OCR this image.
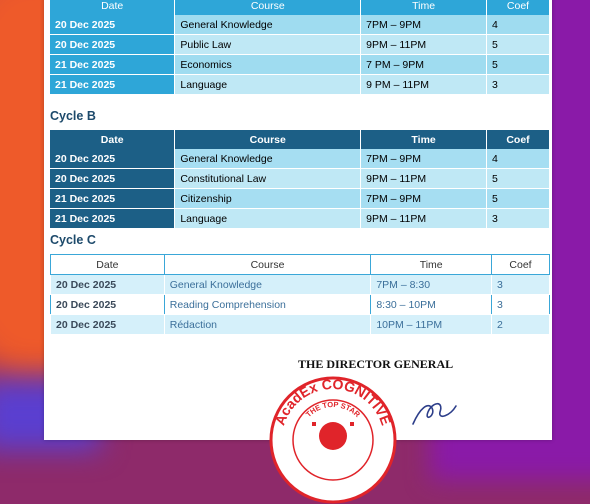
Date	Course	Time	Coef
20 Dec 2025	General Knowledge	7PM – 9PM	4
20 Dec 2025	Public Law	9PM – 11PM	5
21 Dec 2025	Economics	7 PM – 9PM	5
21 Dec 2025	Language	9 PM – 11PM	3
Cycle B
Date	Course	Time	Coef
20 Dec 2025	General Knowledge	7PM – 9PM	4
20 Dec 2025	Constitutional Law	9PM – 11PM	5
21 Dec 2025	Citizenship	7PM – 9PM	5
21 Dec 2025	Language	9PM – 11PM	3
Cycle C
Date	Course	Time	Coef
20 Dec 2025	General Knowledge	7PM – 8:30	3
20 Dec 2025	Reading Comprehension	8:30 – 10PM	3
20 Dec 2025	Rédaction	10PM – 11PM	2
THE DIRECTOR GENERAL
AcadEx COGNITIVE
THE TOP STAR
